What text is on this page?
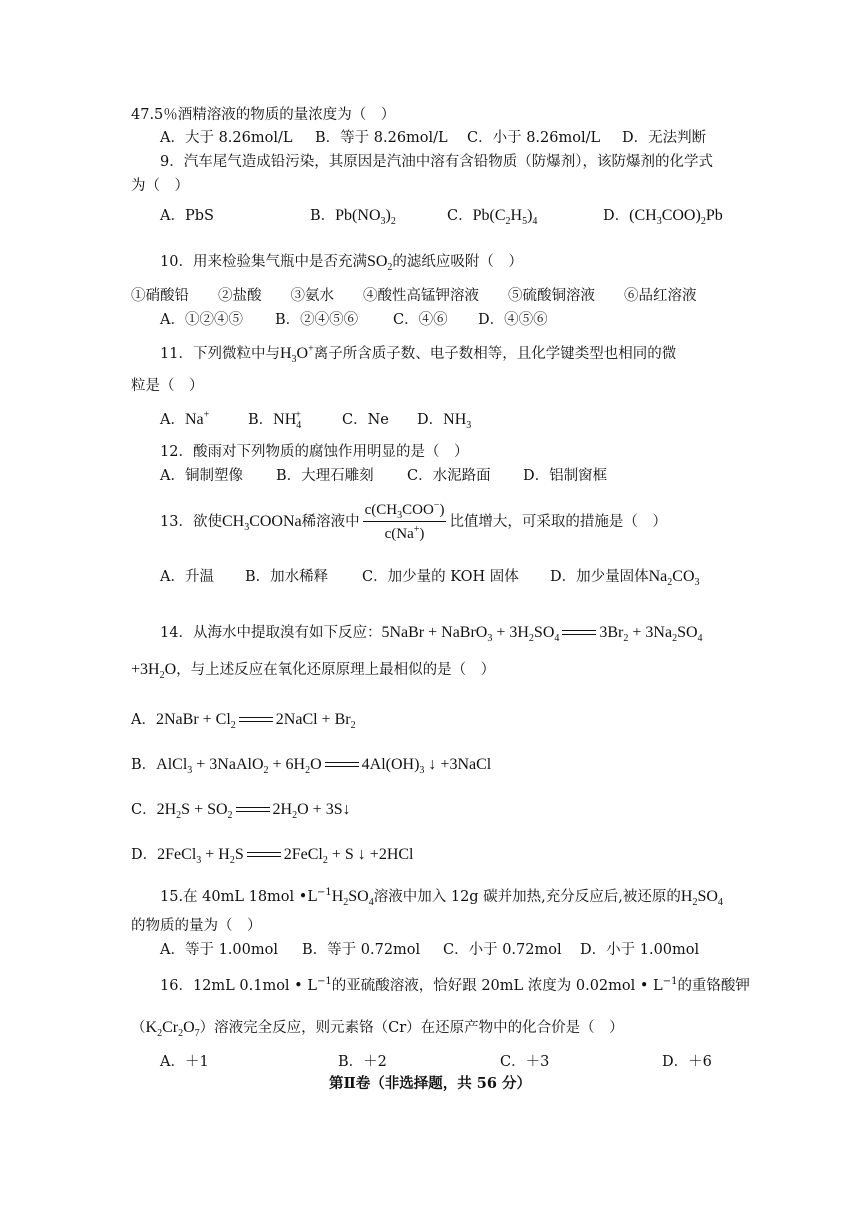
47.5％酒精溶液的物质的量浓度为（　）
A．大于 8.26mol/L B．等于 8.26mol/L C．小于 8.26mol/L D．无法判断
9．汽车尾气造成铅污染，其原因是汽油中溶有含铅物质（防爆剂），该防爆剂的化学式
为（　）
A．PbS	B．$Pb(NO_3)_2$	C．$Pb(C_2H_5)_4$	D．$(CH_3COO)_2Pb$
10．用来检验集气瓶中是否充满$SO_2$的滤纸应吸附（　）
①硝酸铅　　②盐酸　　③氨水　　④酸性高锰钾溶液　　⑤硫酸铜溶液　　⑥品红溶液
A．①②④⑤ B．②④⑤⑥ C．④⑥ D．④⑤⑥
11．下列微粒中与$H_3O^+$离子所含质子数、电子数相等，且化学键类型也相同的微
粒是（　）
A．Na+	B．$NH_4^+$	C．Ne D．$NH_3$
12．酸雨对下列物质的腐蚀作用明显的是（　）
A．铜制塑像 B．大理石雕刻 C．水泥路面 D．铝制窗框
13．欲使$CH_3COONa$稀溶液中 $\frac{c(CH_3COO^-)}{c(Na^+)}$ 比值增大，可采取的措施是（　）
A．升温 B．加水稀释 C．加少量的 KOH 固体 D．加少量固体$Na_2CO_3$
14．从海水中提取溴有如下反应：5NaBr + NaBrO$_3$ + $3H_2SO_4$	$3Br_2 + 3Na_2SO_4$
$+3H_2O$，与上述反应在氧化还原原理上最相似的是（　）
A．2NaBr + $Cl_2$	2NaCl + $Br_2$
B．AlCl$_3$ + 3NaAlO$_2$ + $6H_2O$	$4Al(OH)_3$ ↓ +3NaCl
C．$2H_2S + SO_2$	$2H_2O$ + 3S↓
D．2FeCl$_3$ + $H_2S$	2FeCl$_2$ + S ↓ +2HCl
15.在 40mL 18mol $•L^{-1}H_2SO_4$溶液中加入 12g 碳并加热,充分反应后,被还原的$H_2SO_4$
的物质的量为（　）
A．等于 1.00mol B．等于 0.72mol C．小于 0.72mol D．小于 1.00mol
16．12mL 0.1mol • $L^{-1}$的亚硫酸溶液，恰好跟 20mL 浓度为 0.02mol • $L^{-1}$的重铬酸钾
$(K_2Cr_2O_7)$溶液完全反应，则元素铬（Cr）在还原产物中的化合价是（　）
A．＋1	B．＋2	C．＋3	D．＋6
第Ⅱ卷（非选择题，共 56 分）
